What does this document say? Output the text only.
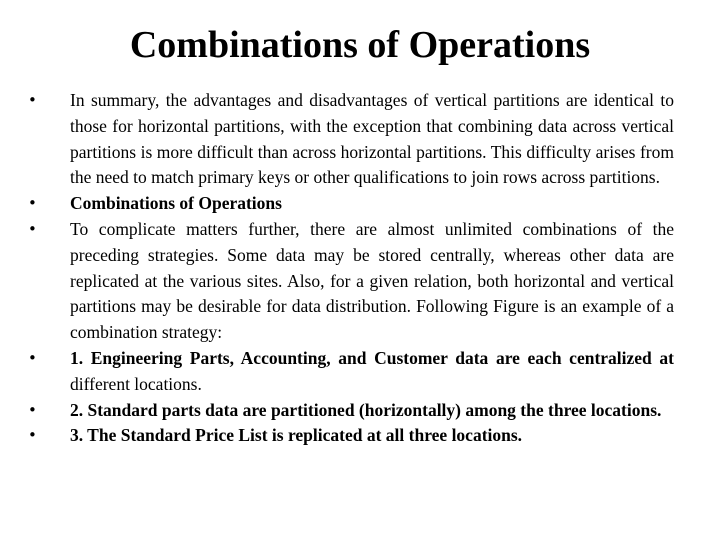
Combinations of Operations
• In summary, the advantages and disadvantages of vertical partitions are identical to those for horizontal partitions, with the exception that combining data across vertical partitions is more difficult than across horizontal partitions. This difficulty arises from the need to match primary keys or other qualifications to join rows across partitions.
• Combinations of Operations
• To complicate matters further, there are almost unlimited combinations of the preceding strategies. Some data may be stored centrally, whereas other data are replicated at the various sites. Also, for a given relation, both horizontal and vertical partitions may be desirable for data distribution. Following Figure is an example of a combination strategy:
• 1. Engineering Parts, Accounting, and Customer data are each centralized at different locations.
• 2. Standard parts data are partitioned (horizontally) among the three locations.
• 3. The Standard Price List is replicated at all three locations.
